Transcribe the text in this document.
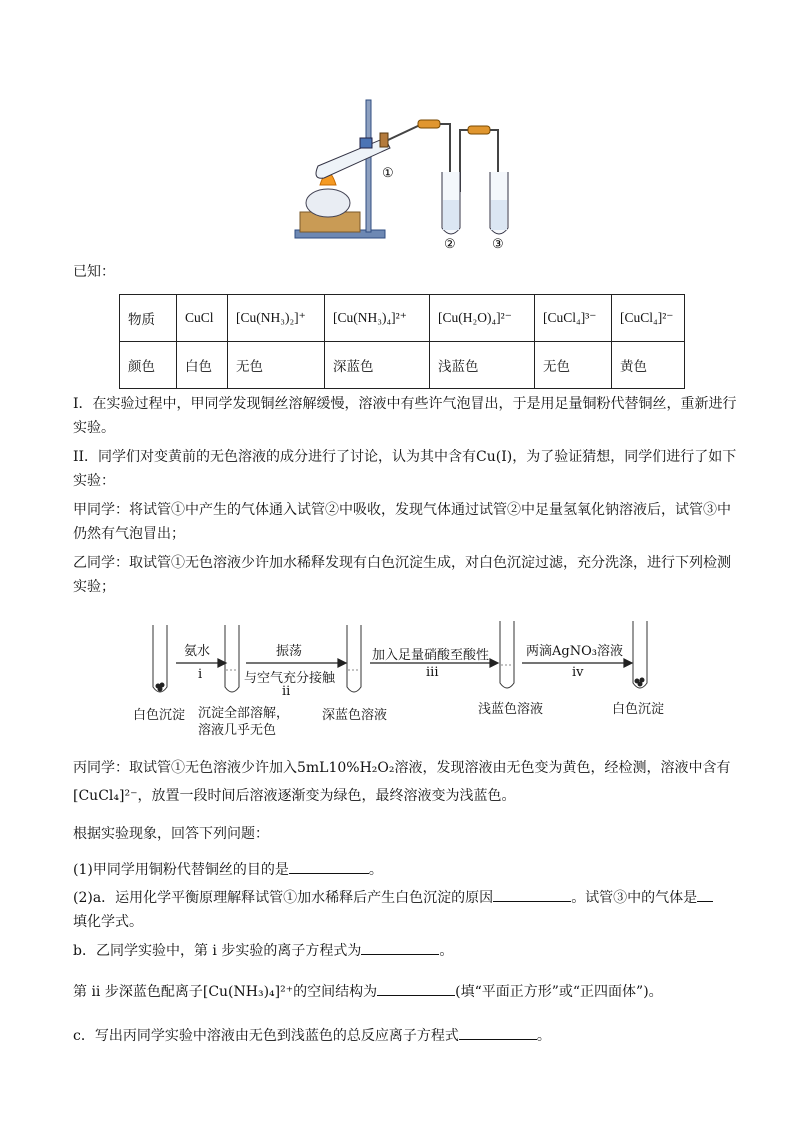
①
②	③

已知：

物质	CuCl	[Cu(NH₃)₂]⁺	[Cu(NH₃)₄]²⁺	[Cu(H₂O)₄]²⁻	[CuCl₄]³⁻	[CuCl₄]²⁻
颜色	白色	无色	深蓝色	浅蓝色	无色	黄色

I．在实验过程中，甲同学发现铜丝溶解缓慢，溶液中有些许气泡冒出，于是用足量铜粉代替铜丝，重新进行实验。

II．同学们对变黄前的无色溶液的成分进行了讨论，认为其中含有Cu(I)，为了验证猜想，同学们进行了如下实验：

甲同学：将试管①中产生的气体通入试管②中吸收，发现气体通过试管②中足量氢氧化钠溶液后，试管③中仍然有气泡冒出；

乙同学：取试管①无色溶液少许加水稀释发现有白色沉淀生成，对白色沉淀过滤，充分洗涤，进行下列检测实验；

氨水
i
振荡
与空气充分接触
ii
加入足量硝酸至酸性
iii
两滴AgNO₃溶液
iv
白色沉淀 沉淀全部溶解，
溶液几乎无色
深蓝色溶液	浅蓝色溶液	白色沉淀

丙同学：取试管①无色溶液少许加入5mL10%H₂O₂溶液，发现溶液由无色变为黄色，经检测，溶液中含有

[CuCl₄]²⁻，放置一段时间后溶液逐渐变为绿色，最终溶液变为浅蓝色。

根据实验现象，回答下列问题：

(1)甲同学用铜粉代替铜丝的目的是	。

(2)a．运用化学平衡原理解释试管①加水稀释后产生白色沉淀的原因	。试管③中的气体是
填化学式。

b．乙同学实验中，第 i 步实验的离子方程式为	。

第 ii 步深蓝色配离子[Cu(NH₃)₄]²⁺的空间结构为	(填“平面正方形”或“正四面体”)。

c．写出丙同学实验中溶液由无色到浅蓝色的总反应离子方程式	。
